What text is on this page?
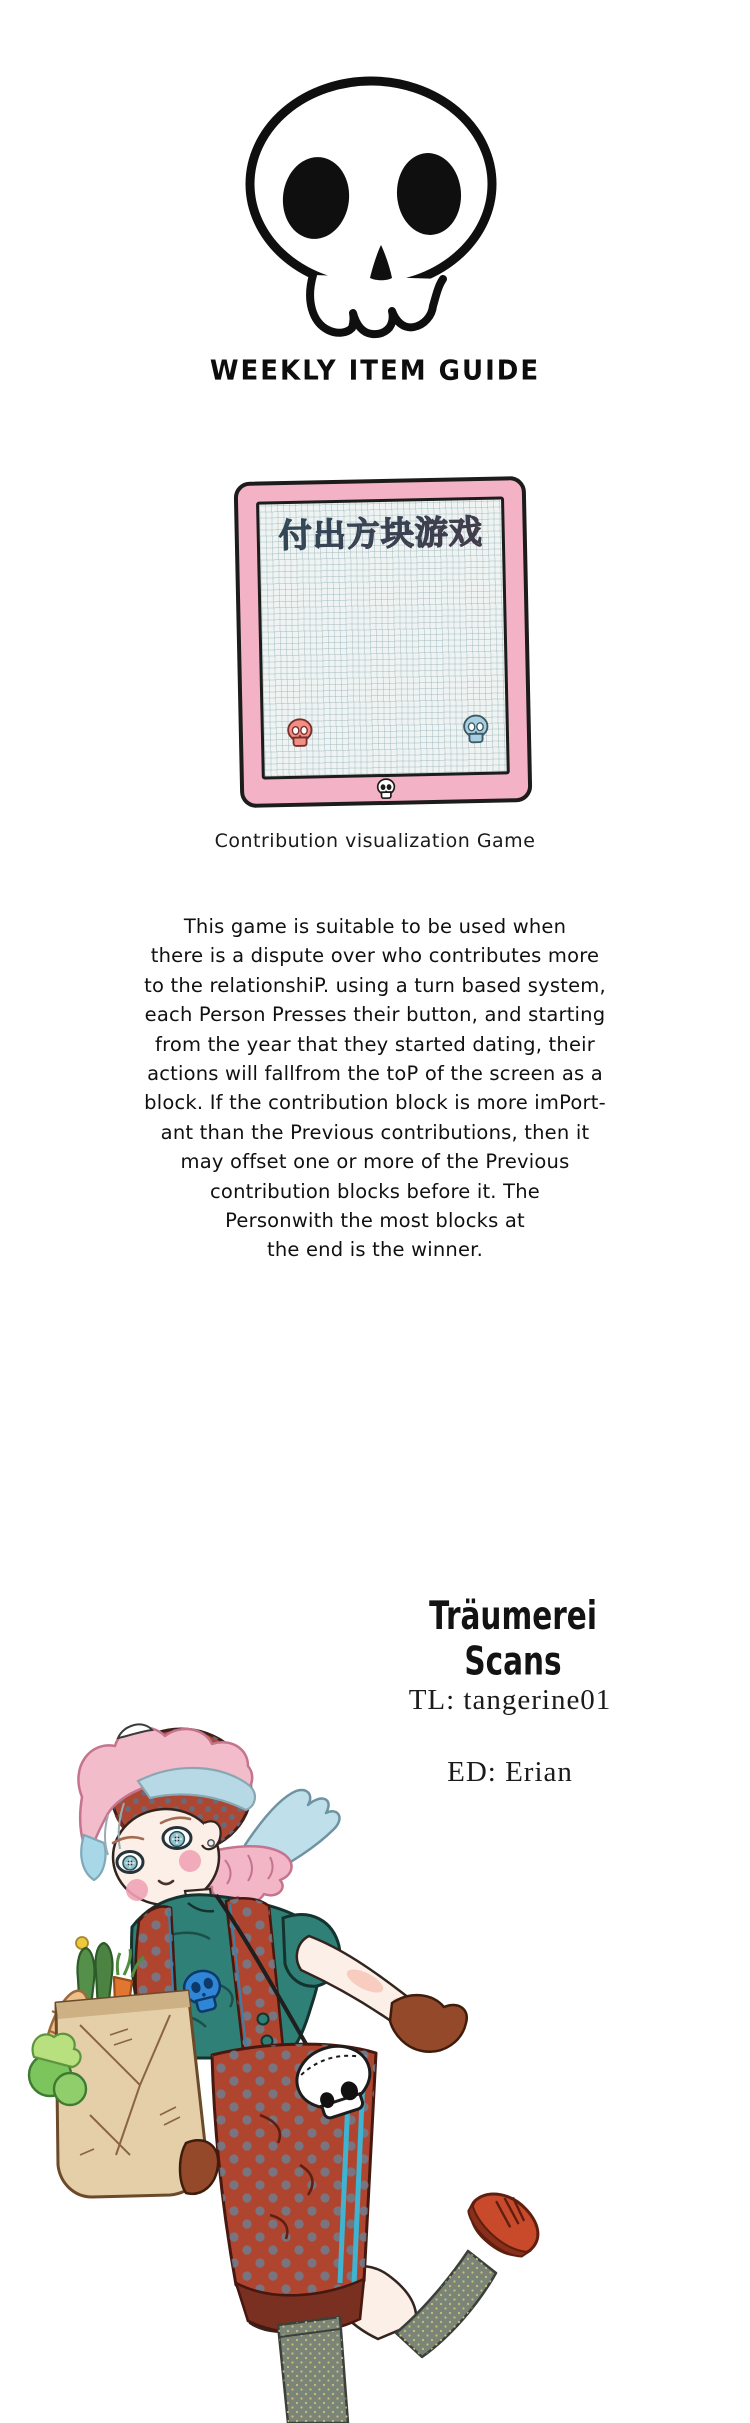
WEEKLY ITEM GUIDE
付出方块游戏
Contribution visualization Game
This game is suitable to be used when
there is a dispute over who contributes more
to the relationshiP. using a turn based system,
each Person Presses their button, and starting
from the year that they started dating, their
actions will fallfrom the toP of the screen as a
block. If the contribution block is more imPort-
ant than the Previous contributions, then it
may offset one or more of the Previous
contribution blocks before it. The
Personwith the most blocks at
the end is the winner.
Träumerei Scans
TL: tangerine01
ED: Erian
